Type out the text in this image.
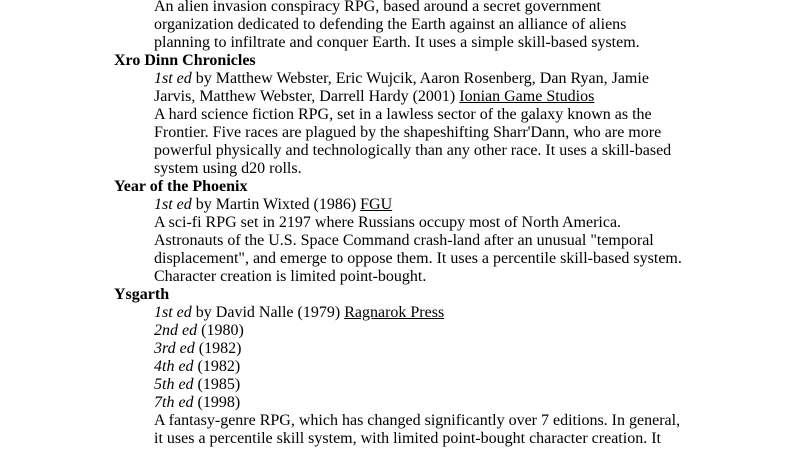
An alien invasion conspiracy RPG, based around a secret government
organization dedicated to defending the Earth against an alliance of aliens
planning to infiltrate and conquer Earth. It uses a simple skill-based system.
Xro Dinn Chronicles
1st ed by Matthew Webster, Eric Wujcik, Aaron Rosenberg, Dan Ryan, Jamie
Jarvis, Matthew Webster, Darrell Hardy (2001) Ionian Game Studios
A hard science fiction RPG, set in a lawless sector of the galaxy known as the
Frontier. Five races are plagued by the shapeshifting Sharr'Dann, who are more
powerful physically and technologically than any other race. It uses a skill-based
system using d20 rolls.
Year of the Phoenix
1st ed by Martin Wixted (1986) FGU
A sci-fi RPG set in 2197 where Russians occupy most of North America.
Astronauts of the U.S. Space Command crash-land after an unusual "temporal
displacement", and emerge to oppose them. It uses a percentile skill-based system.
Character creation is limited point-bought.
Ysgarth
1st ed by David Nalle (1979) Ragnarok Press
2nd ed (1980)
3rd ed (1982)
4th ed (1982)
5th ed (1985)
7th ed (1998)
A fantasy-genre RPG, which has changed significantly over 7 editions. In general,
it uses a percentile skill system, with limited point-bought character creation. It
